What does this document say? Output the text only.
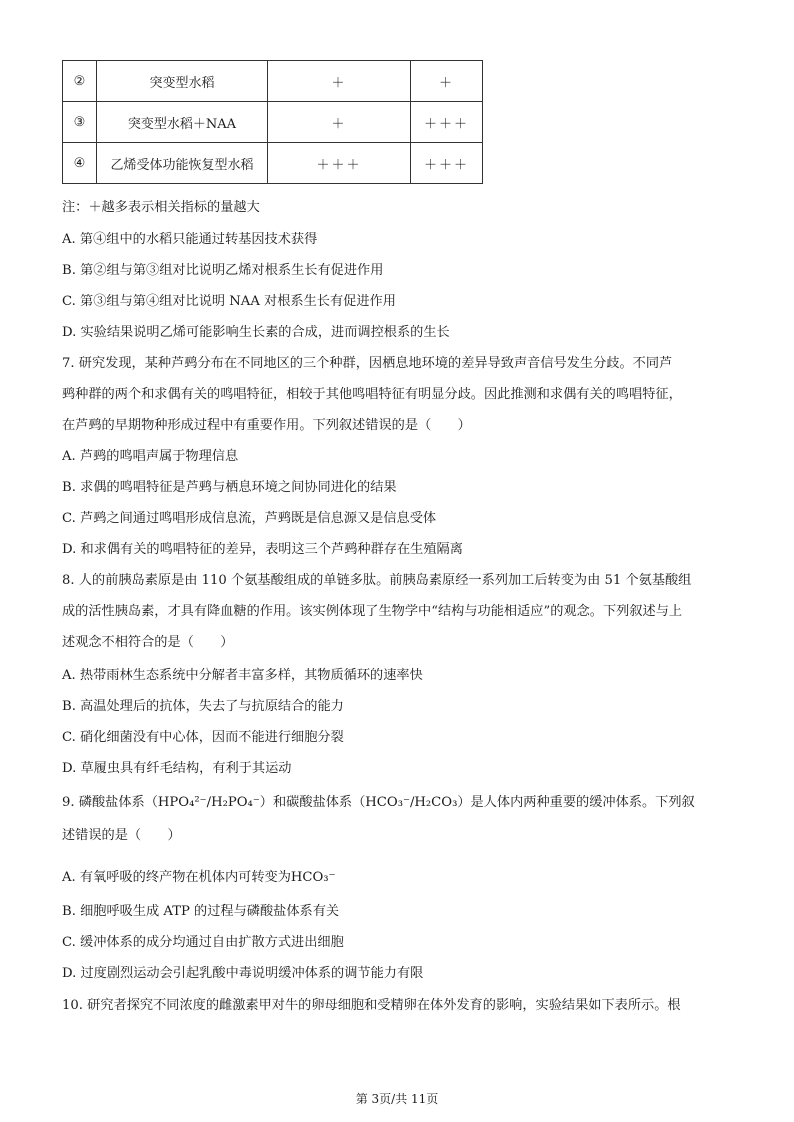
②	突变型水稻	＋	＋
③	突变型水稻＋NAA	＋	＋＋＋
④	乙烯受体功能恢复型水稻	＋＋＋	＋＋＋
注：＋越多表示相关指标的量越大
A. 第④组中的水稻只能通过转基因技术获得
B. 第②组与第③组对比说明乙烯对根系生长有促进作用
C. 第③组与第④组对比说明 NAA 对根系生长有促进作用
D. 实验结果说明乙烯可能影响生长素的合成，进而调控根系的生长
7. 研究发现，某种芦鹀分布在不同地区的三个种群，因栖息地环境的差异导致声音信号发生分歧。不同芦
鹀种群的两个和求偶有关的鸣唱特征，相较于其他鸣唱特征有明显分歧。因此推测和求偶有关的鸣唱特征，
在芦鹀的早期物种形成过程中有重要作用。下列叙述错误的是（　　）
A. 芦鹀的鸣唱声属于物理信息
B. 求偶的鸣唱特征是芦鹀与栖息环境之间协同进化的结果
C. 芦鹀之间通过鸣唱形成信息流，芦鹀既是信息源又是信息受体
D. 和求偶有关的鸣唱特征的差异，表明这三个芦鹀种群存在生殖隔离
8. 人的前胰岛素原是由 110 个氨基酸组成的单链多肽。前胰岛素原经一系列加工后转变为由 51 个氨基酸组
成的活性胰岛素，才具有降血糖的作用。该实例体现了生物学中“结构与功能相适应”的观念。下列叙述与上
述观念不相符合的是（　　）
A. 热带雨林生态系统中分解者丰富多样，其物质循环的速率快
B. 高温处理后的抗体，失去了与抗原结合的能力
C. 硝化细菌没有中心体，因而不能进行细胞分裂
D. 草履虫具有纤毛结构，有利于其运动
9. 磷酸盐体系（HPO₄²⁻/H₂PO₄⁻）和碳酸盐体系（HCO₃⁻/H₂CO₃）是人体内两种重要的缓冲体系。下列叙
述错误的是（　　）
A. 有氧呼吸的终产物在机体内可转变为HCO₃⁻
B. 细胞呼吸生成 ATP 的过程与磷酸盐体系有关
C. 缓冲体系的成分均通过自由扩散方式进出细胞
D. 过度剧烈运动会引起乳酸中毒说明缓冲体系的调节能力有限
10. 研究者探究不同浓度的雌激素甲对牛的卵母细胞和受精卵在体外发育的影响，实验结果如下表所示。根
第 3页/共 11页
